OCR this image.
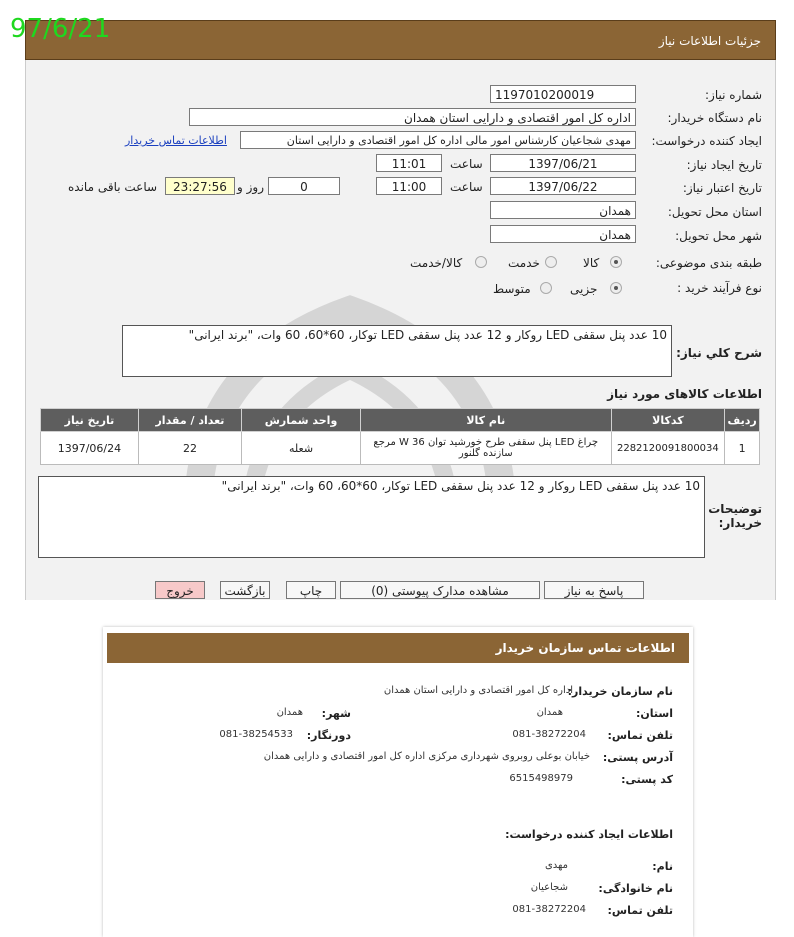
جزئیات اطلاعات نیاز
97/6/21
شماره نیاز:
1197010200019
نام دستگاه خریدار:
اداره کل امور اقتصادی و دارایی استان همدان
ایجاد کننده درخواست:
مهدی شجاعیان کارشناس امور مالی اداره کل امور اقتصادی و دارایی استان
اطلاعات تماس خریدار
تاریخ ایجاد نیاز:
1397/06/21
ساعت
11:01
تاریخ اعتبار نیاز:
1397/06/22
ساعت
11:00
0
روز و
23:27:56
ساعت باقی مانده
استان محل تحویل:
همدان
شهر محل تحویل:
همدان
طبقه بندی موضوعی:
کالا
خدمت
کالا/خدمت
نوع فرآیند خرید :
جزیی
متوسط
شرح کلي نياز:
10 عدد پنل سقفی LED روکار و 12 عدد پنل سقفی LED توکار، 60*60، 60 وات، "برند ایرانی"
اطلاعات کالاهای مورد نیاز
تاریخ نیاز	تعداد / مقدار	واحد شمارش	نام کالا	کدکالا	ردیف
1397/06/24	22	شعله	چراغ LED پنل سقفی طرح خورشید توان W 36 مرجع سازنده گلنور	2282120091800034	1
توضیحات خریدار:
10 عدد پنل سقفی LED روکار و 12 عدد پنل سقفی LED توکار، 60*60، 60 وات، "برند ایرانی"
پاسخ به نیاز
مشاهده مدارک پیوستی (0)
چاپ
بازگشت
خروج
اطلاعات تماس سازمان خریدار
نام سازمان خریدار:
اداره کل امور اقتصادی و دارایی استان همدان
استان:
همدان
شهر:
همدان
تلفن تماس:
081-38272204
دورنگار:
081-38254533
آدرس پستی:
خیابان بوعلی روبروی شهرداری مرکزی اداره کل امور اقتصادی و دارایی همدان
کد پستی:
6515498979
اطلاعات ایجاد کننده درخواست:
نام:
مهدی
نام خانوادگی:
شجاعیان
تلفن تماس:
081-38272204
